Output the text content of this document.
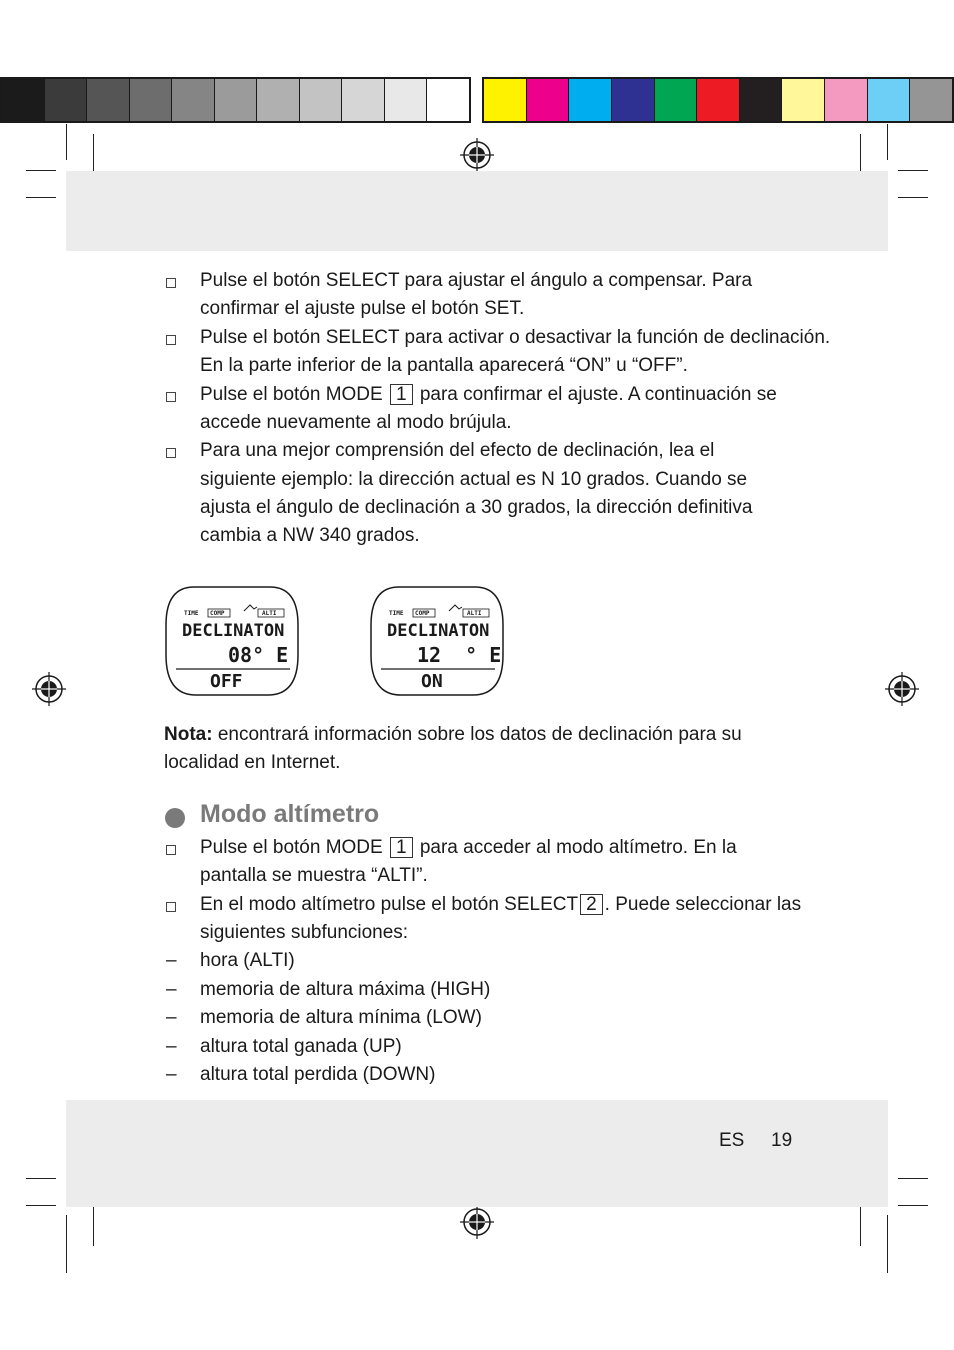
Pulse el botón SELECT para ajustar el ángulo a compensar. Para
confirmar el ajuste pulse el botón SET.
Pulse el botón SELECT para activar o desactivar la función de declinación.
En la parte inferior de la pantalla aparecerá “ON” u “OFF”.
Pulse el botón MODE 1 para confirmar el ajuste. A continuación se
accede nuevamente al modo brújula.
Para una mejor comprensión del efecto de declinación, lea el
siguiente ejemplo: la dirección actual es N 10 grados. Cuando se
ajusta el ángulo de declinación a 30 grados, la dirección definitiva
cambia a NW 340 grados.
TIME COMP	ALTI
DECLINATON
08° E
OFF
TIME COMP	ALTI
DECLINATON
12  ° E
ON
Nota: encontrará información sobre los datos de declinación para su
localidad en Internet.
Modo altímetro
Pulse el botón MODE 1 para acceder al modo altímetro. En la
pantalla se muestra “ALTI”.
En el modo altímetro pulse el botón SELECT 2 . Puede seleccionar las
siguientes subfunciones:
– hora (ALTI)
– memoria de altura máxima (HIGH)
– memoria de altura mínima (LOW)
– altura total ganada (UP)
– altura total perdida (DOWN)
ES 19
